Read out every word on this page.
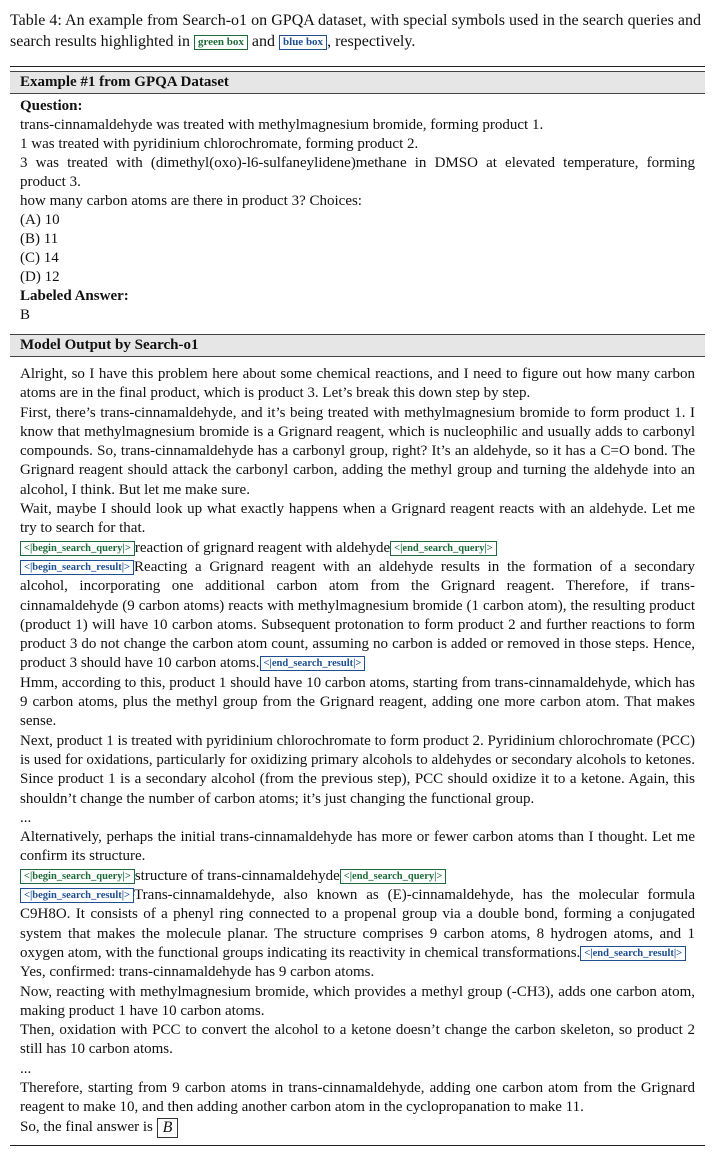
Table 4: An example from Search-o1 on GPQA dataset, with special symbols used in the search queries and search results highlighted in green box and blue box , respectively.

Example #1 from GPQA Dataset

Question:

trans-cinnamaldehyde was treated with methylmagnesium bromide, forming product 1.

1 was treated with pyridinium chlorochromate, forming product 2.

3 was treated with (dimethyl(oxo)-l6-sulfaneylidene)methane in DMSO at elevated temperature, forming product 3.

how many carbon atoms are there in product 3? Choices:

(A) 10

(B) 11

(C) 14

(D) 12

Labeled Answer:

B

Model Output by Search-o1

Alright, so I have this problem here about some chemical reactions, and I need to figure out how many carbon atoms are in the final product, which is product 3. Let’s break this down step by step.

First, there’s trans-cinnamaldehyde, and it’s being treated with methylmagnesium bromide to form product 1. I know that methylmagnesium bromide is a Grignard reagent, which is nucleophilic and usually adds to carbonyl compounds. So, trans-cinnamaldehyde has a carbonyl group, right? It’s an aldehyde, so it has a C=O bond. The Grignard reagent should attack the carbonyl carbon, adding the methyl group and turning the aldehyde into an alcohol, I think. But let me make sure.

Wait, maybe I should look up what exactly happens when a Grignard reagent reacts with an aldehyde. Let me try to search for that.

<|begin_search_query|> reaction of grignard reagent with aldehyde <|end_search_query|>

<|begin_search_result|> Reacting a Grignard reagent with an aldehyde results in the formation of a secondary alcohol, incorporating one additional carbon atom from the Grignard reagent. Therefore, if trans-cinnamaldehyde (9 carbon atoms) reacts with methylmagnesium bromide (1 carbon atom), the resulting product (product 1) will have 10 carbon atoms. Subsequent protonation to form product 2 and further reactions to form product 3 do not change the carbon atom count, assuming no carbon is added or removed in those steps. Hence, product 3 should have 10 carbon atoms. <|end_search_result|>

Hmm, according to this, product 1 should have 10 carbon atoms, starting from trans-cinnamaldehyde, which has 9 carbon atoms, plus the methyl group from the Grignard reagent, adding one more carbon atom. That makes sense.

Next, product 1 is treated with pyridinium chlorochromate to form product 2. Pyridinium chlorochromate (PCC) is used for oxidations, particularly for oxidizing primary alcohols to aldehydes or secondary alcohols to ketones. Since product 1 is a secondary alcohol (from the previous step), PCC should oxidize it to a ketone. Again, this shouldn’t change the number of carbon atoms; it’s just changing the functional group.

...

Alternatively, perhaps the initial trans-cinnamaldehyde has more or fewer carbon atoms than I thought. Let me confirm its structure.

<|begin_search_query|> structure of trans-cinnamaldehyde <|end_search_query|>

<|begin_search_result|> Trans-cinnamaldehyde, also known as (E)-cinnamaldehyde, has the molecular formula C9H8O. It consists of a phenyl ring connected to a propenal group via a double bond, forming a conjugated system that makes the molecule planar. The structure comprises 9 carbon atoms, 8 hydrogen atoms, and 1 oxygen atom, with the functional groups indicating its reactivity in chemical transformations. <|end_search_result|>

Yes, confirmed: trans-cinnamaldehyde has 9 carbon atoms.

Now, reacting with methylmagnesium bromide, which provides a methyl group (-CH3), adds one carbon atom, making product 1 have 10 carbon atoms.

Then, oxidation with PCC to convert the alcohol to a ketone doesn’t change the carbon skeleton, so product 2 still has 10 carbon atoms.

...

Therefore, starting from 9 carbon atoms in trans-cinnamaldehyde, adding one carbon atom from the Grignard reagent to make 10, and then adding another carbon atom in the cyclopropanation to make 11.

So, the final answer is B
